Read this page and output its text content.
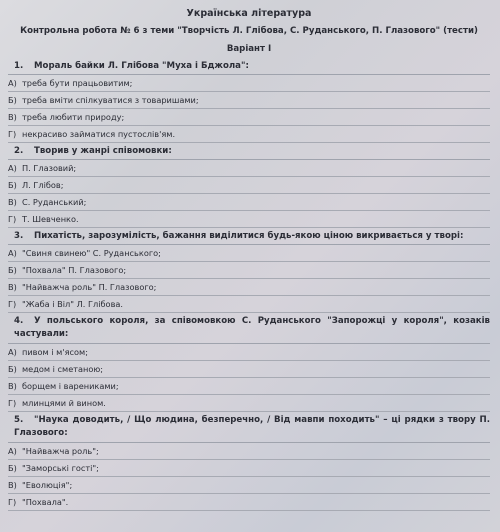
Українська література
Контрольна робота № 6 з теми "Творчість Л. Глібова, С. Руданського, П. Глазового" (тести)
Варіант І
1. Мораль байки Л. Глібова "Муха і Бджола":
А) треба бути працьовитим;
Б) треба вміти спілкуватися з товаришами;
В) треба любити природу;
Г) некрасиво займатися пустослів'ям.
2. Творив у жанрі співомовки:
А) П. Глазовий;
Б) Л. Глібов;
В) С. Руданський;
Г) Т. Шевченко.
3. Пихатість, зарозумілість, бажання виділитися будь-якою ціною викривається у творі:
А) "Свиня свинею" С. Руданського;
Б) "Похвала" П. Глазового;
В) "Найважча роль" П. Глазового;
Г) "Жаба і Віл" Л. Глібова.
4. У польського короля, за співомовкою С. Руданського "Запорожці у короля", козаків частували:
А) пивом і м'ясом;
Б) медом і сметаною;
В) борщем і варениками;
Г) млинцями й вином.
5. "Наука доводить, / Що людина, безперечно, / Від мавпи походить" – ці рядки з твору П. Глазового:
А) "Найважча роль";
Б) "Заморські гості";
В) "Еволюція";
Г) "Похвала".
